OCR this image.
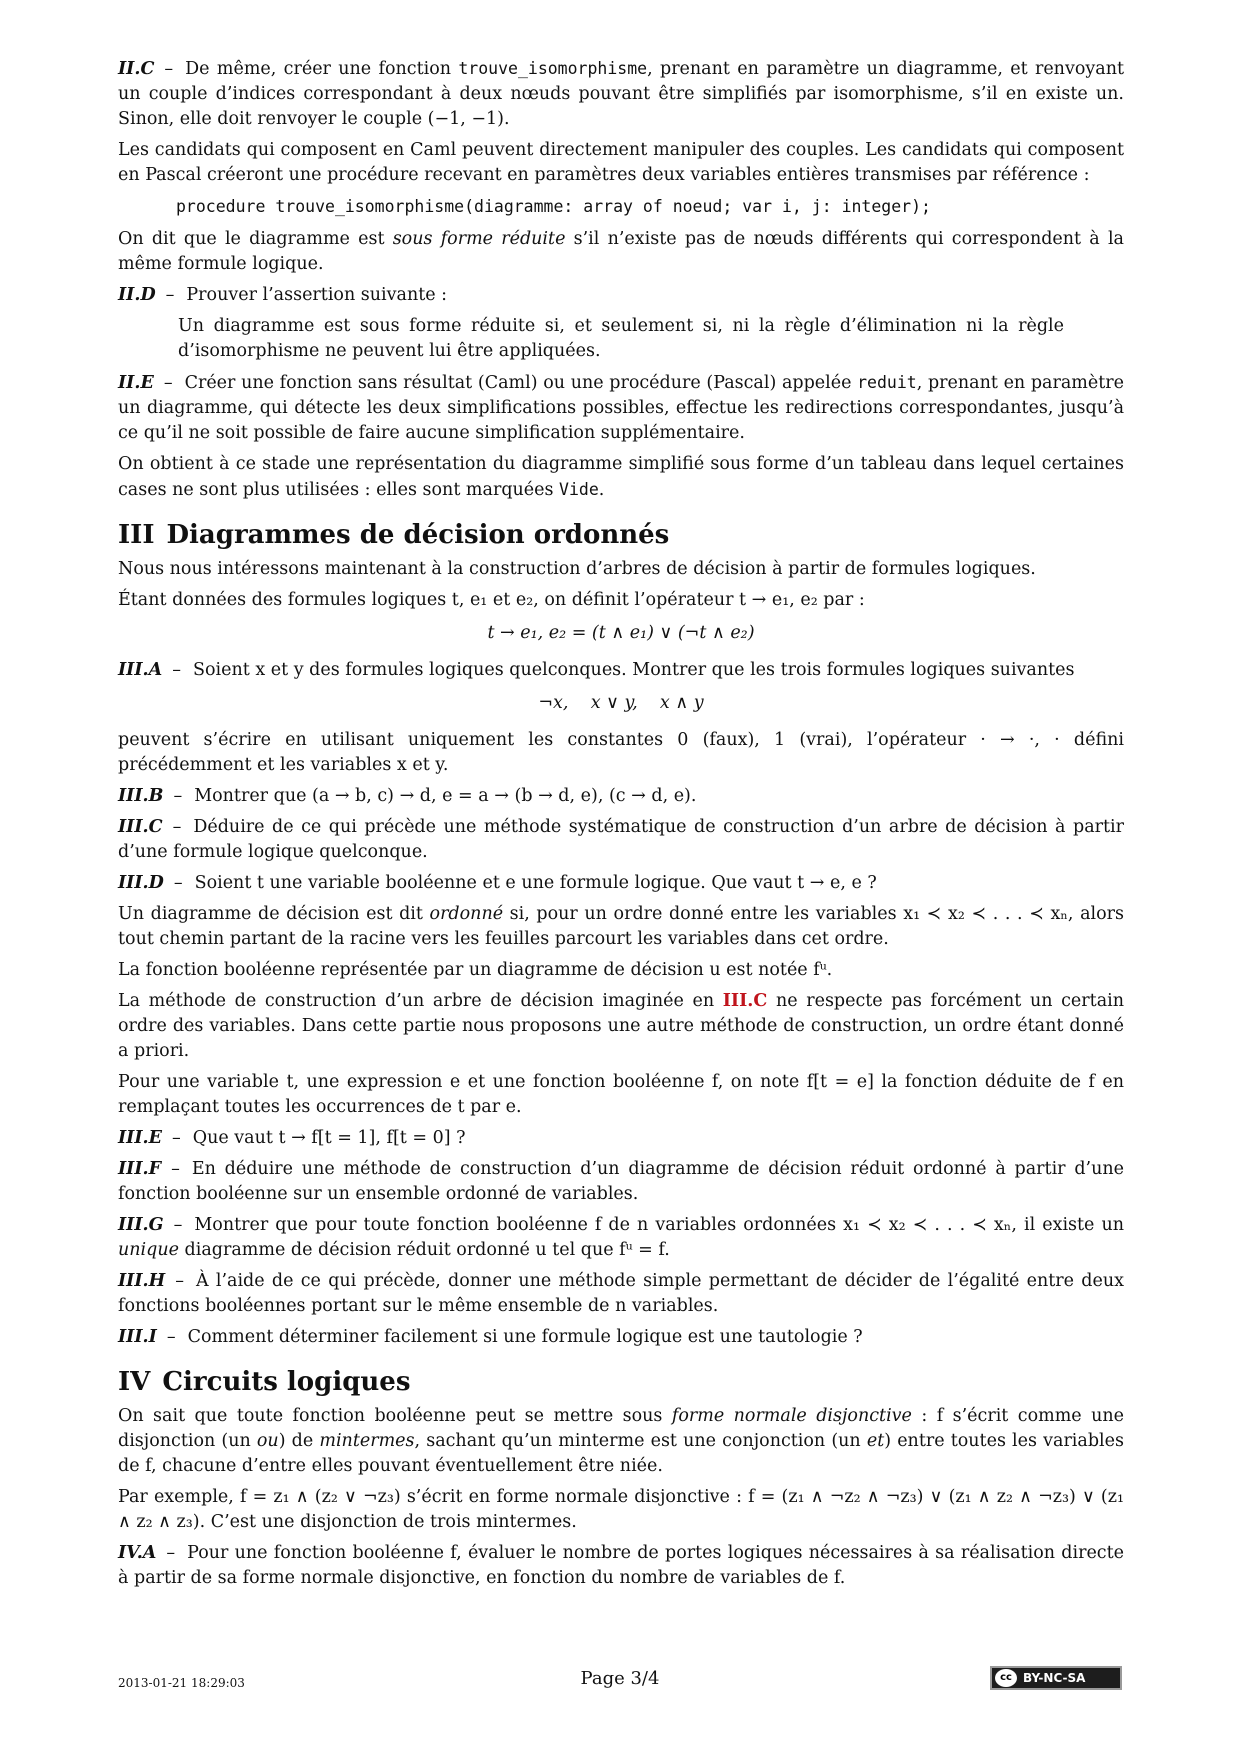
II.C – De même, créer une fonction trouve_isomorphisme, prenant en paramètre un diagramme, et renvoyant un couple d’indices correspondant à deux nœuds pouvant être simplifiés par isomorphisme, s’il en existe un. Sinon, elle doit renvoyer le couple (−1, −1).

Les candidats qui composent en Caml peuvent directement manipuler des couples. Les candidats qui composent en Pascal créeront une procédure recevant en paramètres deux variables entières transmises par référence :

procedure trouve_isomorphisme(diagramme: array of noeud; var i, j: integer);

On dit que le diagramme est sous forme réduite s’il n’existe pas de nœuds différents qui correspondent à la même formule logique.

II.D – Prouver l’assertion suivante :

Un diagramme est sous forme réduite si, et seulement si, ni la règle d’élimination ni la règle d’isomorphisme ne peuvent lui être appliquées.

II.E – Créer une fonction sans résultat (Caml) ou une procédure (Pascal) appelée reduit, prenant en paramètre un diagramme, qui détecte les deux simplifications possibles, effectue les redirections correspondantes, jusqu’à ce qu’il ne soit possible de faire aucune simplification supplémentaire.

On obtient à ce stade une représentation du diagramme simplifié sous forme d’un tableau dans lequel certaines cases ne sont plus utilisées : elles sont marquées Vide.

III Diagrammes de décision ordonnés

Nous nous intéressons maintenant à la construction d’arbres de décision à partir de formules logiques.

Étant données des formules logiques t, e₁ et e₂, on définit l’opérateur t → e₁, e₂ par :

t → e₁, e₂ = (t ∧ e₁) ∨ (¬t ∧ e₂)

III.A – Soient x et y des formules logiques quelconques. Montrer que les trois formules logiques suivantes

¬x,    x ∨ y,    x ∧ y

peuvent s’écrire en utilisant uniquement les constantes 0 (faux), 1 (vrai), l’opérateur · → ·, · défini précédemment et les variables x et y.

III.B – Montrer que (a → b, c) → d, e = a → (b → d, e), (c → d, e).

III.C – Déduire de ce qui précède une méthode systématique de construction d’un arbre de décision à partir d’une formule logique quelconque.

III.D – Soient t une variable booléenne et e une formule logique. Que vaut t → e, e ?

Un diagramme de décision est dit ordonné si, pour un ordre donné entre les variables x₁ ≺ x₂ ≺ . . . ≺ xₙ, alors tout chemin partant de la racine vers les feuilles parcourt les variables dans cet ordre.

La fonction booléenne représentée par un diagramme de décision u est notée fᵘ.

La méthode de construction d’un arbre de décision imaginée en III.C ne respecte pas forcément un certain ordre des variables. Dans cette partie nous proposons une autre méthode de construction, un ordre étant donné a priori.

Pour une variable t, une expression e et une fonction booléenne f, on note f[t = e] la fonction déduite de f en remplaçant toutes les occurrences de t par e.

III.E – Que vaut t → f[t = 1], f[t = 0] ?

III.F – En déduire une méthode de construction d’un diagramme de décision réduit ordonné à partir d’une fonction booléenne sur un ensemble ordonné de variables.

III.G – Montrer que pour toute fonction booléenne f de n variables ordonnées x₁ ≺ x₂ ≺ . . . ≺ xₙ, il existe un unique diagramme de décision réduit ordonné u tel que fᵘ = f.

III.H – À l’aide de ce qui précède, donner une méthode simple permettant de décider de l’égalité entre deux fonctions booléennes portant sur le même ensemble de n variables.

III.I – Comment déterminer facilement si une formule logique est une tautologie ?

IV Circuits logiques

On sait que toute fonction booléenne peut se mettre sous forme normale disjonctive : f s’écrit comme une disjonction (un ou) de mintermes, sachant qu’un minterme est une conjonction (un et) entre toutes les variables de f, chacune d’entre elles pouvant éventuellement être niée.

Par exemple, f = z₁ ∧ (z₂ ∨ ¬z₃) s’écrit en forme normale disjonctive : f = (z₁ ∧ ¬z₂ ∧ ¬z₃) ∨ (z₁ ∧ z₂ ∧ ¬z₃) ∨ (z₁ ∧ z₂ ∧ z₃). C’est une disjonction de trois mintermes.

IV.A – Pour une fonction booléenne f, évaluer le nombre de portes logiques nécessaires à sa réalisation directe à partir de sa forme normale disjonctive, en fonction du nombre de variables de f.

2013-01-21 18:29:03	Page 3/4	cc BY-NC-SA
